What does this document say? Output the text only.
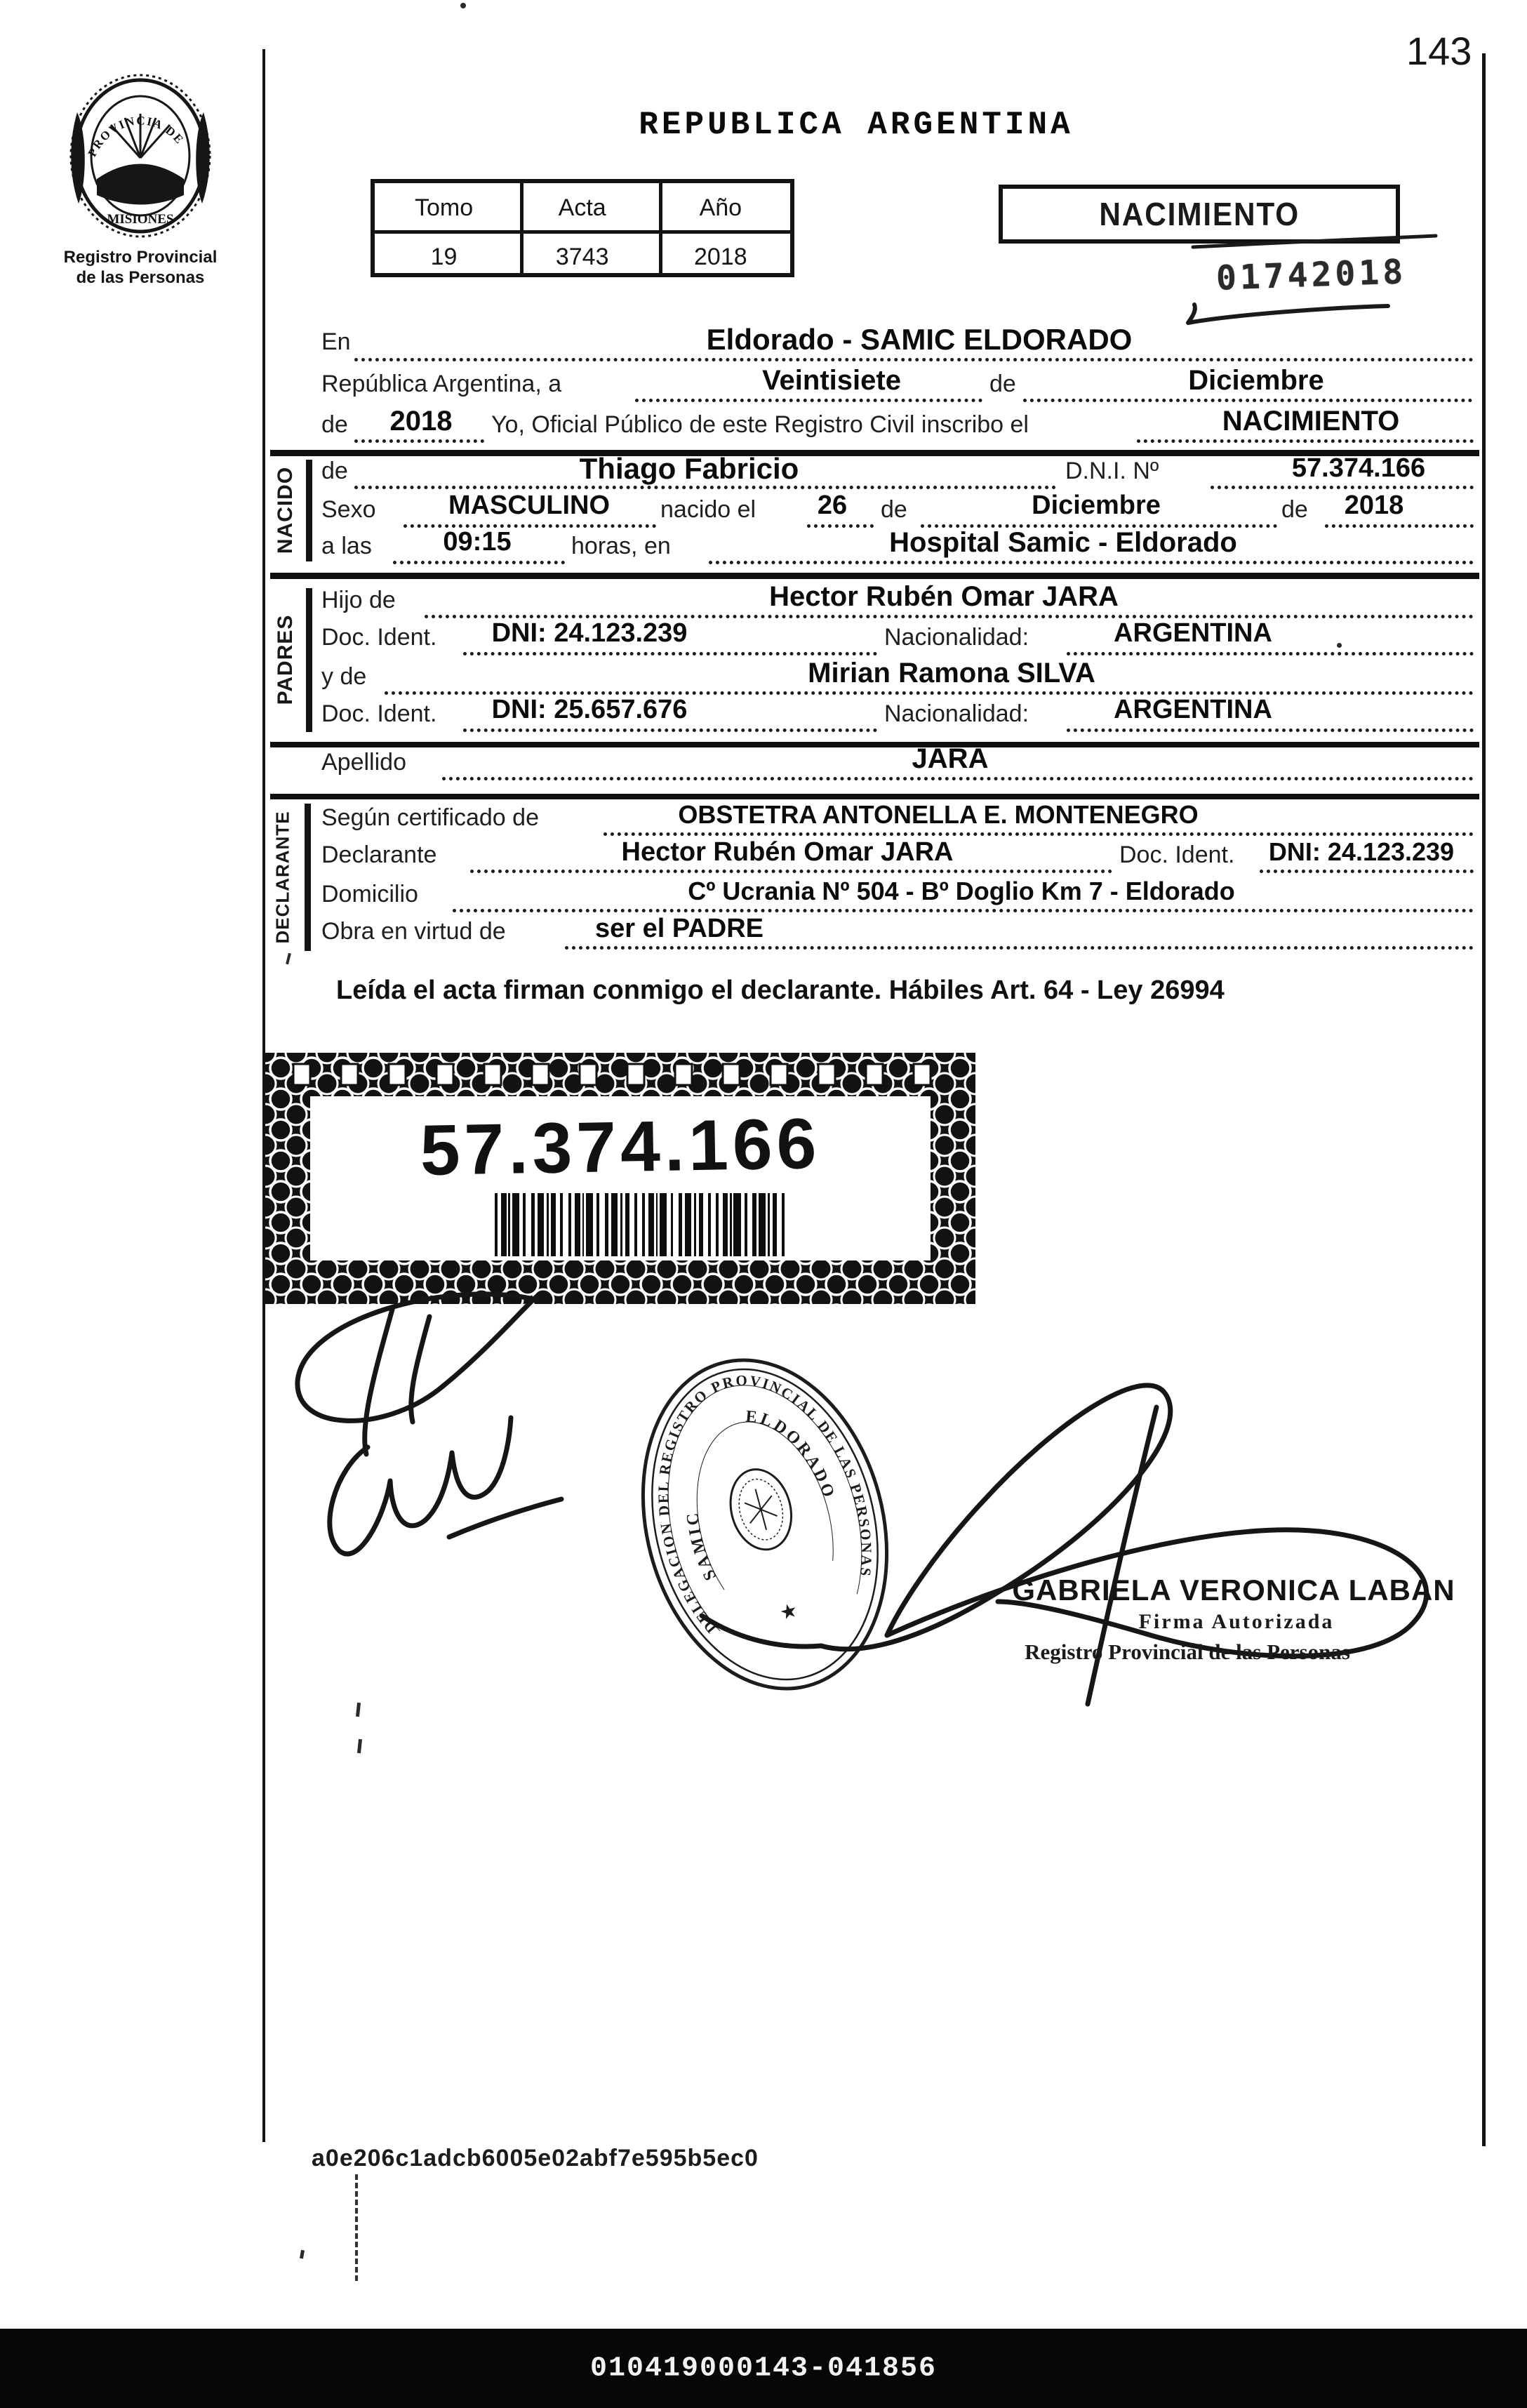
143
REPUBLICA ARGENTINA
PROVINCIA DE
MISIONES
Registro Provincial
de las Personas
Tomo	Acta	Año
19	3743	2018
NACIMIENTO
01742018
NACIDO
PADRES
DECLARANTE
En	Eldorado - SAMIC ELDORADO
República Argentina, a	Veintisiete	de	Diciembre
de 2018 Yo, Oficial Público de este Registro Civil inscribo el	NACIMIENTO
de	Thiago Fabricio	D.N.I. Nº	57.374.166
Sexo	MASCULINO nacido el 26 de	Diciembre	de 2018
a las	09:15	horas, en	Hospital Samic - Eldorado
Hijo de	Hector Rubén Omar JARA
Doc. Ident. DNI: 24.123.239	Nacionalidad:	ARGENTINA
y de	Mirian Ramona SILVA
Doc. Ident. DNI: 25.657.676	Nacionalidad:	ARGENTINA
Apellido	JARA
Según certificado de	OBSTETRA ANTONELLA E. MONTENEGRO
Declarante	Hector Rubén Omar JARA	Doc. Ident. DNI: 24.123.239
Domicilio	Cº Ucrania Nº 504 - Bº Doglio Km 7 - Eldorado
Obra en virtud de	ser el PADRE
Leída el acta firman conmigo el declarante. Hábiles Art. 64 - Ley 26994
57.374.166
DELEGACION DEL REGISTRO PROVINCIAL DE LAS PERSONAS
SAMIC
ELDORADO
★
GABRIELA VERONICA LABAN
Firma Autorizada
Registro Provincial de las Personas
a0e206c1adcb6005e02abf7e595b5ec0
010419000143-041856
